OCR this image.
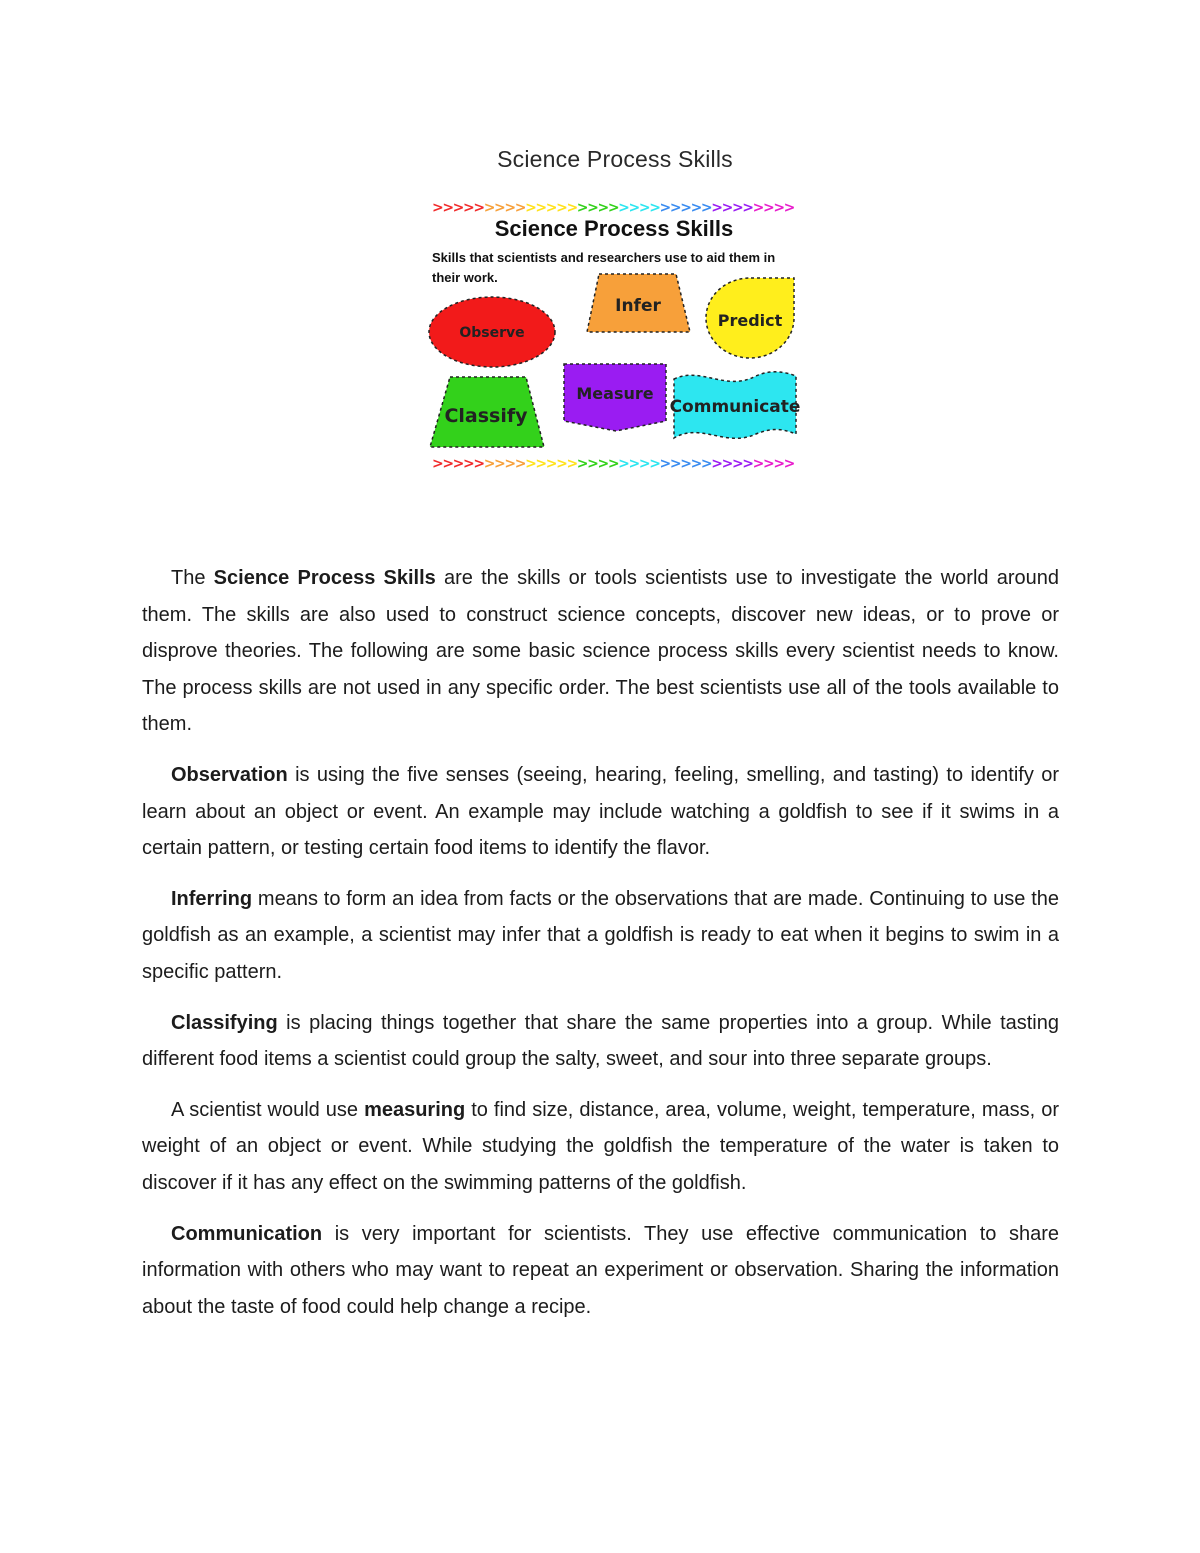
Science Process Skills
>
>
>
>
>
>
>
>
>
>
>
>
>
>
>
>
>
>
>
>
>
>
>
>
>
>
>
>
>
>
>
>
>
>
>
Science Process Skills
Skills that scientists and researchers use to aid them in their work.
Observe
Infer
Predict
Classify
Measure
Communicate
>
>
>
>
>
>
>
>
>
>
>
>
>
>
>
>
>
>
>
>
>
>
>
>
>
>
>
>
>
>
>
>
>
>
>

The Science Process Skills are the skills or tools scientists use to investigate the world around them. The skills are also used to construct science concepts, discover new ideas, or to prove or disprove theories. The following are some basic science process skills every scientist needs to know. The process skills are not used in any specific order. The best scientists use all of the tools available to them.

Observation is using the five senses (seeing, hearing, feeling, smelling, and tasting) to identify or learn about an object or event. An example may include watching a goldfish to see if it swims in a certain pattern, or testing certain food items to identify the flavor.

Inferring means to form an idea from facts or the observations that are made. Continuing to use the goldfish as an example, a scientist may infer that a goldfish is ready to eat when it begins to swim in a specific pattern.

Classifying is placing things together that share the same properties into a group. While tasting different food items a scientist could group the salty, sweet, and sour into three separate groups.

A scientist would use measuring to find size, distance, area, volume, weight, temperature, mass, or weight of an object or event. While studying the goldfish the temperature of the water is taken to discover if it has any effect on the swimming patterns of the goldfish.

Communication is very important for scientists. They use effective communication to share information with others who may want to repeat an experiment or observation. Sharing the information about the taste of food could help change a recipe.
